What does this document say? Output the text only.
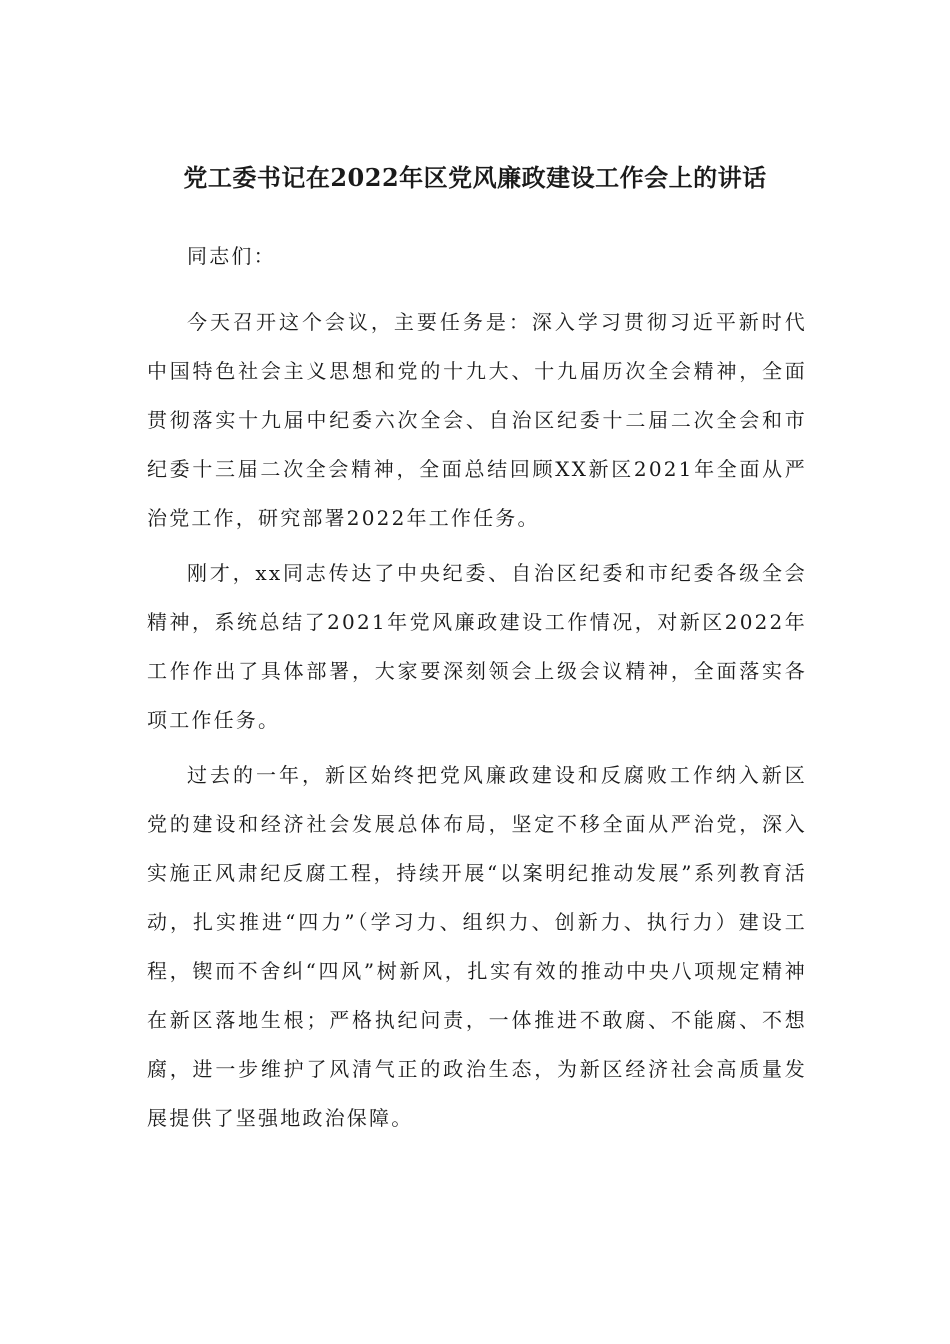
党工委书记在2022年区党风廉政建设工作会上的讲话

同志们：

今天召开这个会议，主要任务是：深入学习贯彻习近平新时代中国特色社会主义思想和党的十九大、十九届历次全会精神，全面贯彻落实十九届中纪委六次全会、自治区纪委十二届二次全会和市纪委十三届二次全会精神，全面总结回顾XX新区2021年全面从严治党工作，研究部署2022年工作任务。

刚才，xx同志传达了中央纪委、自治区纪委和市纪委各级全会精神，系统总结了2021年党风廉政建设工作情况，对新区2022年工作作出了具体部署，大家要深刻领会上级会议精神，全面落实各项工作任务。

过去的一年，新区始终把党风廉政建设和反腐败工作纳入新区党的建设和经济社会发展总体布局，坚定不移全面从严治党，深入实施正风肃纪反腐工程，持续开展“以案明纪推动发展”系列教育活动，扎实推进“四力”（学习力、组织力、创新力、执行力）建设工程，锲而不舍纠“四风”树新风，扎实有效的推动中央八项规定精神在新区落地生根；严格执纪问责，一体推进不敢腐、不能腐、不想腐，进一步维护了风清气正的政治生态，为新区经济社会高质量发展提供了坚强地政治保障。
